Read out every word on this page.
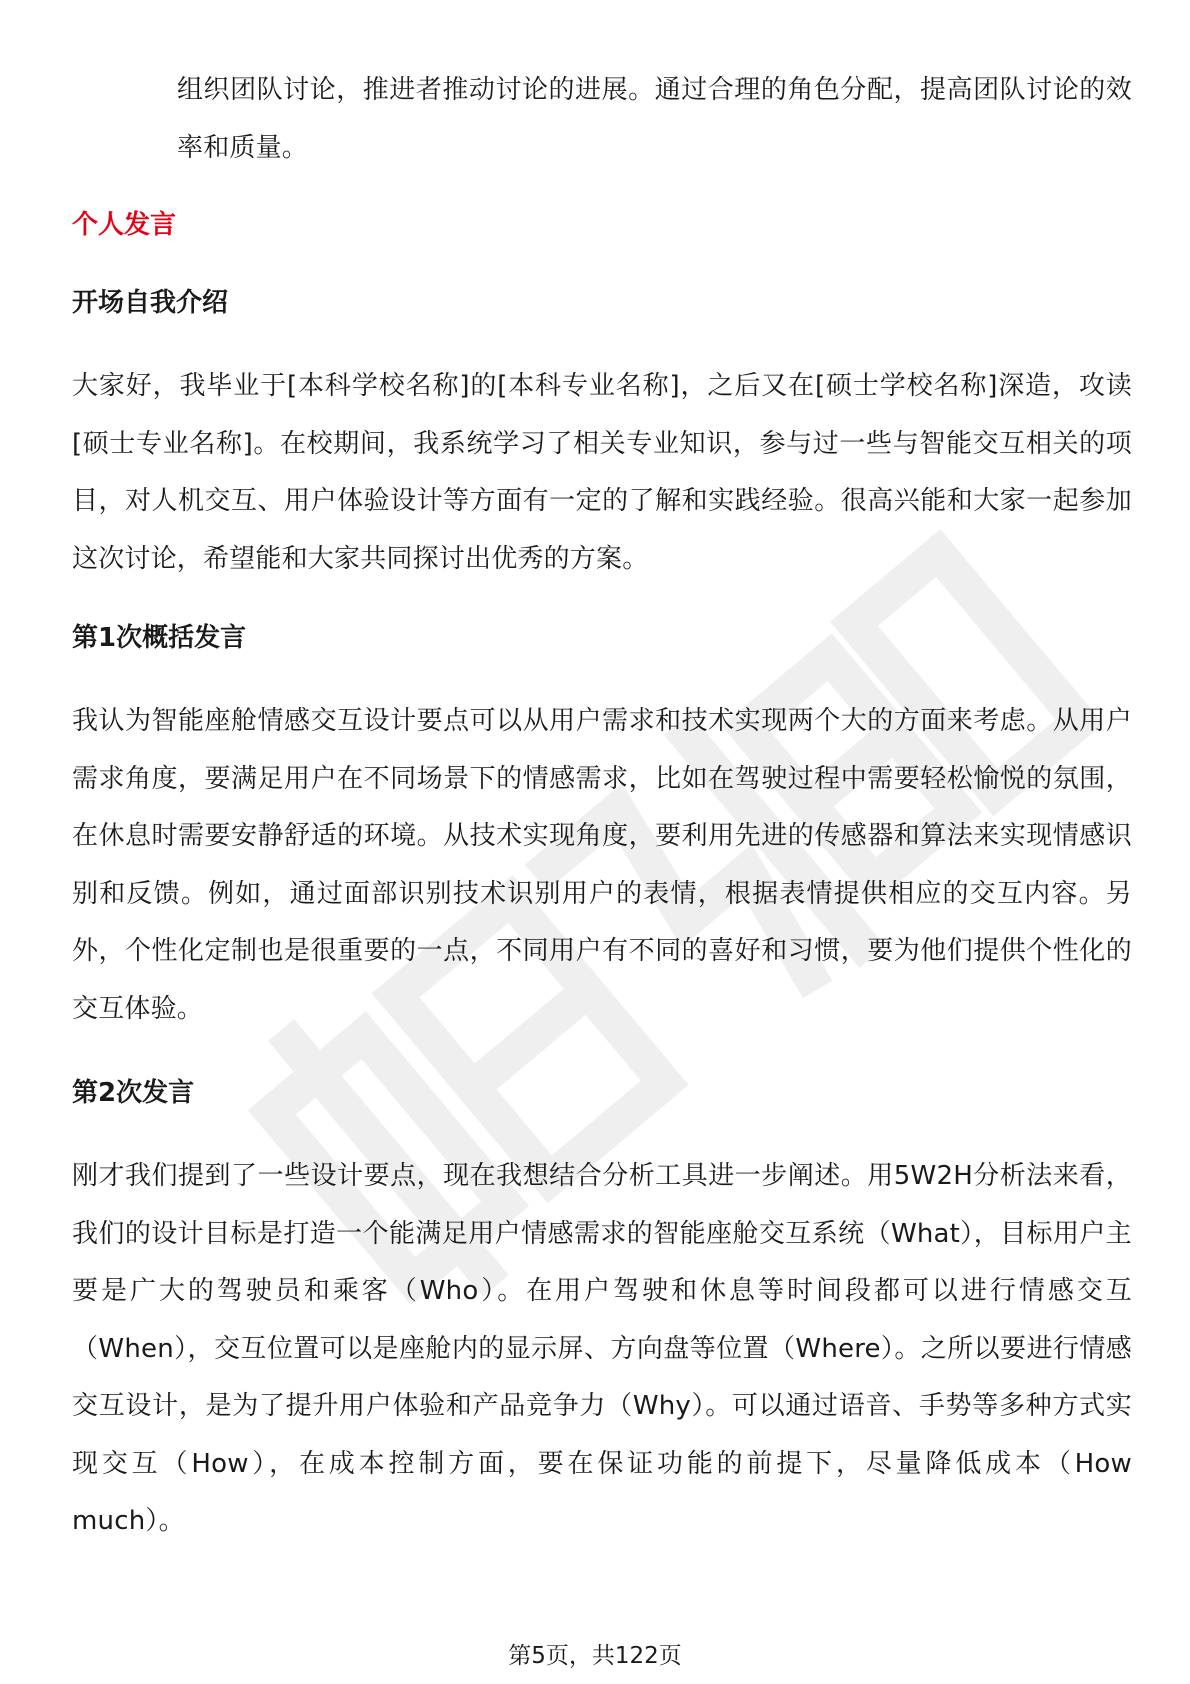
组织团队讨论，推进者推动讨论的进展。通过合理的角色分配，提高团队讨论的效率和质量。

个人发言
开场自我介绍

大家好，我毕业于[本科学校名称]的[本科专业名称]，之后又在[硕士学校名称]深造，攻读[硕士专业名称]。在校期间，我系统学习了相关专业知识，参与过一些与智能交互相关的项目，对人机交互、用户体验设计等方面有一定的了解和实践经验。很高兴能和大家一起参加这次讨论，希望能和大家共同探讨出优秀的方案。

第1次概括发言

我认为智能座舱情感交互设计要点可以从用户需求和技术实现两个大的方面来考虑。从用户需求角度，要满足用户在不同场景下的情感需求，比如在驾驶过程中需要轻松愉悦的氛围，在休息时需要安静舒适的环境。从技术实现角度，要利用先进的传感器和算法来实现情感识别和反馈。例如，通过面部识别技术识别用户的表情，根据表情提供相应的交互内容。另外，个性化定制也是很重要的一点，不同用户有不同的喜好和习惯，要为他们提供个性化的交互体验。

第2次发言

刚才我们提到了一些设计要点，现在我想结合分析工具进一步阐述。用5W2H分析法来看，我们的设计目标是打造一个能满足用户情感需求的智能座舱交互系统（What），目标用户主要是广大的驾驶员和乘客（Who）。在用户驾驶和休息等时间段都可以进行情感交互（When），交互位置可以是座舱内的显示屏、方向盘等位置（Where）。之所以要进行情感交互设计，是为了提升用户体验和产品竞争力（Why）。可以通过语音、手势等多种方式实现交互（How），在成本控制方面，要在保证功能的前提下，尽量降低成本（How much）。

第5页，共122页
